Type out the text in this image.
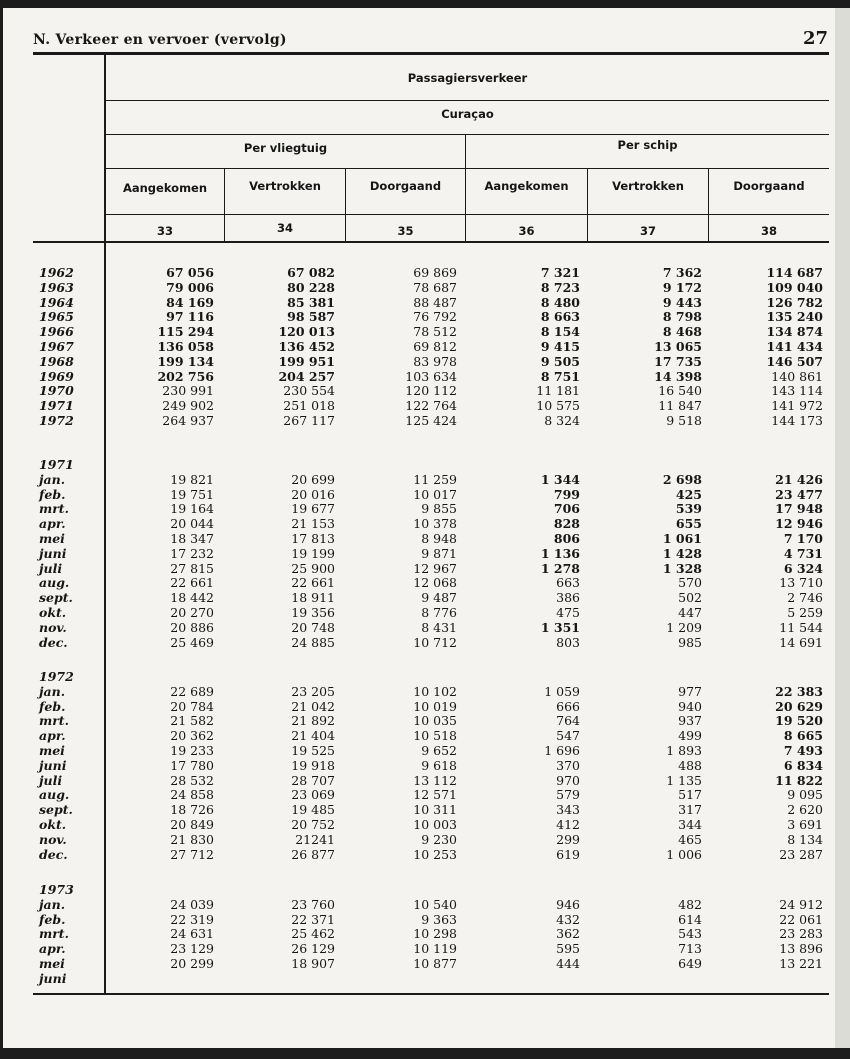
N. Verkeer en vervoer (vervolg)	27
Passagiersverkeer
Curaçao
Per vliegtuig	Per schip
Aangekomen	Vertrokken	Doorgaand	Aangekomen	Vertrokken	Doorgaand
33	34	35	36	37	38
1962	67 056	67 082	69 869	7 321	7 362	114 687
1963	79 006	80 228	78 687	8 723	9 172	109 040
1964	84 169	85 381	88 487	8 480	9 443	126 782
1965	97 116	98 587	76 792	8 663	8 798	135 240
1966	115 294	120 013	78 512	8 154	8 468	134 874
1967	136 058	136 452	69 812	9 415	13 065	141 434
1968	199 134	199 951	83 978	9 505	17 735	146 507
1969	202 756	204 257	103 634	8 751	14 398	140 861
1970	230 991	230 554	120 112	11 181	16 540	143 114
1971	249 902	251 018	122 764	10 575	11 847	141 972
1972	264 937	267 117	125 424	8 324	9 518	144 173
1971
jan.	19 821	20 699	11 259	1 344	2 698	21 426
feb.	19 751	20 016	10 017	799	425	23 477
mrt.	19 164	19 677	9 855	706	539	17 948
apr.	20 044	21 153	10 378	828	655	12 946
mei	18 347	17 813	8 948	806	1 061	7 170
juni	17 232	19 199	9 871	1 136	1 428	4 731
juli	27 815	25 900	12 967	1 278	1 328	6 324
aug.	22 661	22 661	12 068	663	570	13 710
sept.	18 442	18 911	9 487	386	502	2 746
okt.	20 270	19 356	8 776	475	447	5 259
nov.	20 886	20 748	8 431	1 351	1 209	11 544
dec.	25 469	24 885	10 712	803	985	14 691
1972
jan.	22 689	23 205	10 102	1 059	977	22 383
feb.	20 784	21 042	10 019	666	940	20 629
mrt.	21 582	21 892	10 035	764	937	19 520
apr.	20 362	21 404	10 518	547	499	8 665
mei	19 233	19 525	9 652	1 696	1 893	7 493
juni	17 780	19 918	9 618	370	488	6 834
juli	28 532	28 707	13 112	970	1 135	11 822
aug.	24 858	23 069	12 571	579	517	9 095
sept.	18 726	19 485	10 311	343	317	2 620
okt.	20 849	20 752	10 003	412	344	3 691
nov.	21 830	21241	9 230	299	465	8 134
dec.	27 712	26 877	10 253	619	1 006	23 287
1973
jan.	24 039	23 760	10 540	946	482	24 912
feb.	22 319	22 371	9 363	432	614	22 061
mrt.	24 631	25 462	10 298	362	543	23 283
apr.	23 129	26 129	10 119	595	713	13 896
mei	20 299	18 907	10 877	444	649	13 221
juni
